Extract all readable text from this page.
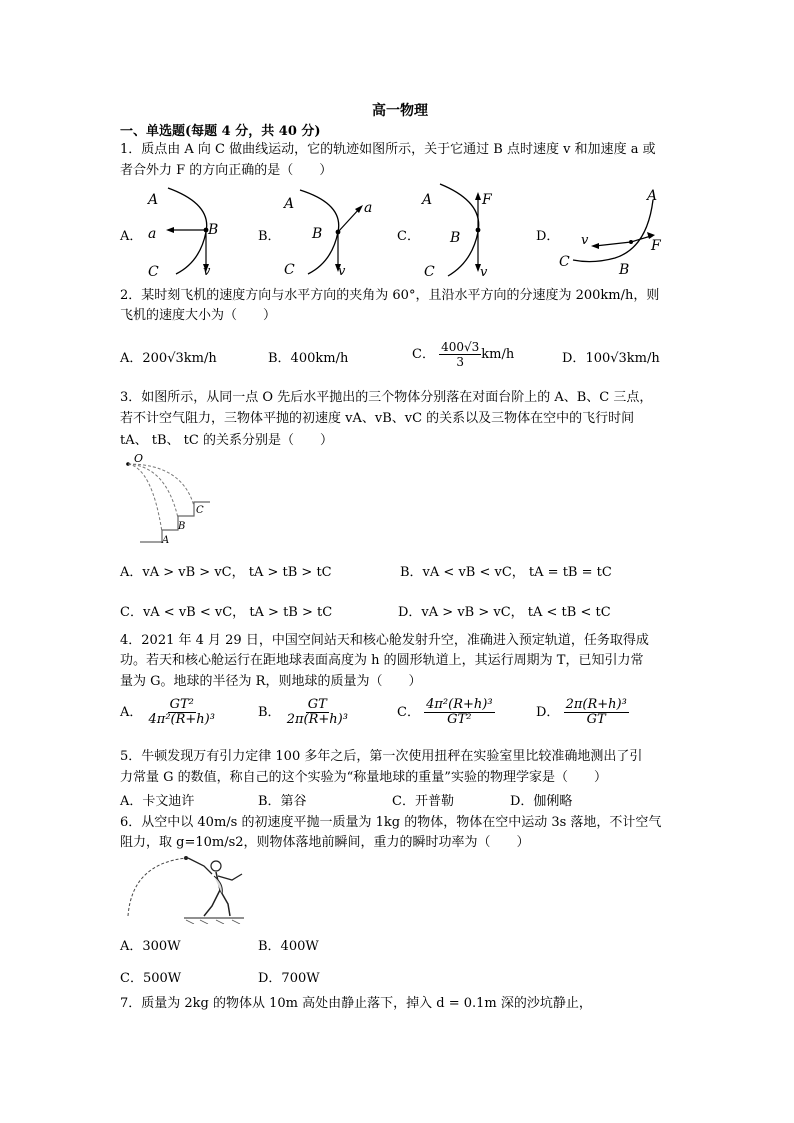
高一物理
一、单选题(每题 4 分，共 40 分)
1．质点由 A 向 C 做曲线运动，它的轨迹如图所示，关于它通过 B 点时速度 v 和加速度 a 或
者合外力 F 的方向正确的是（　　）
A．	B．	C．	D．
A
a	B
C	v
A	a
B
C	v
A	F
B
C	v
A
v	F
C	B
2．某时刻飞机的速度方向与水平方向的夹角为 60°，且沿水平方向的分速度为 200km/h，则
飞机的速度大小为（　　）
A．200√3km/h	B．400km/h	C． $\frac{400√3}{3} km/h$	D．100√3km/h
3．如图所示，从同一点 O 先后水平抛出的三个物体分别落在对面台阶上的 A、B、C 三点，
若不计空气阻力，三物体平抛的初速度 vA、vB、vC 的关系以及三物体在空中的飞行时间
tA、 tB、 tC 的关系分别是（　　）
O
A
B
C
A．vA > vB > vC， tA > tB > tC	B．vA < vB < vC， tA = tB = tC
C．vA < vB < vC， tA > tB > tC	D．vA > vB > vC， tA < tB < tC
4．2021 年 4 月 29 日，中国空间站天和核心舱发射升空，准确进入预定轨道，任务取得成
功。若天和核心舱运行在距地球表面高度为 h 的圆形轨道上，其运行周期为 T，已知引力常
量为 G。地球的半径为 R，则地球的质量为（　　）
A． $\frac{\text{GT²}}{\text{4π²(R+h)³}}$	B． $\frac{GT}{\text{2π(R+h)³}}$	C． $\frac{\text{4π²(R+h)³}}{\text{GT²}}$	D． $\frac{\text{2π(R+h)³}}{GT}$
5．牛顿发现万有引力定律 100 多年之后，第一次使用扭秤在实验室里比较准确地测出了引
力常量 G 的数值，称自己的这个实验为“称量地球的重量”实验的物理学家是（　　）
A．卡文迪许	B．第谷	C．开普勒	D．伽俐略
6．从空中以 40m/s 的初速度平抛一质量为 1kg 的物体，物体在空中运动 3s 落地，不计空气
阻力，取 g=10m/s2，则物体落地前瞬间，重力的瞬时功率为（　　）
A．300W	B．400W
C．500W	D．700W
7．质量为 2kg 的物体从 10m 高处由静止落下，掉入 d = 0.1m 深的沙坑静止，
